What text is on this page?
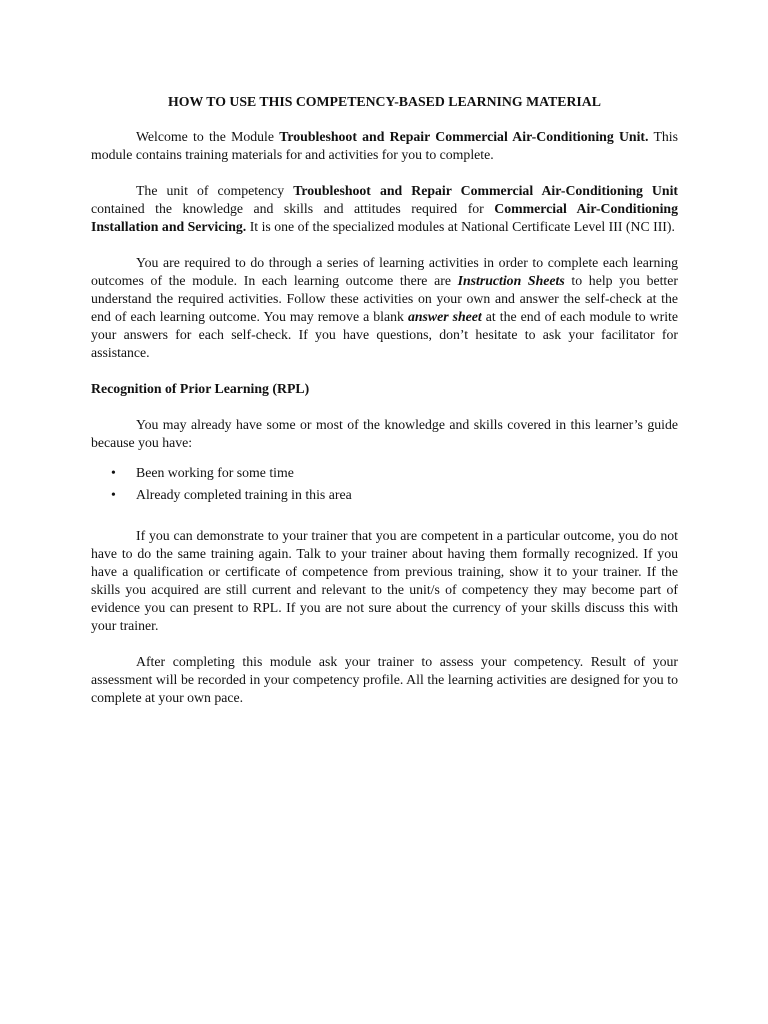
HOW TO USE THIS COMPETENCY-BASED LEARNING MATERIAL

Welcome to the Module Troubleshoot and Repair Commercial Air-Conditioning Unit. This module contains training materials for and activities for you to complete.

The unit of competency Troubleshoot and Repair Commercial Air-Conditioning Unit contained the knowledge and skills and attitudes required for Commercial Air-Conditioning Installation and Servicing. It is one of the specialized modules at National Certificate Level III (NC III).

You are required to do through a series of learning activities in order to complete each learning outcomes of the module. In each learning outcome there are Instruction Sheets to help you better understand the required activities. Follow these activities on your own and answer the self-check at the end of each learning outcome. You may remove a blank answer sheet at the end of each module to write your answers for each self-check. If you have questions, don’t hesitate to ask your facilitator for assistance.

Recognition of Prior Learning (RPL)

You may already have some or most of the knowledge and skills covered in this learner’s guide because you have:

• Been working for some time
• Already completed training in this area

If you can demonstrate to your trainer that you are competent in a particular outcome, you do not have to do the same training again. Talk to your trainer about having them formally recognized. If you have a qualification or certificate of competence from previous training, show it to your trainer. If the skills you acquired are still current and relevant to the unit/s of competency they may become part of evidence you can present to RPL. If you are not sure about the currency of your skills discuss this with your trainer.

After completing this module ask your trainer to assess your competency. Result of your assessment will be recorded in your competency profile. All the learning activities are designed for you to complete at your own pace.
